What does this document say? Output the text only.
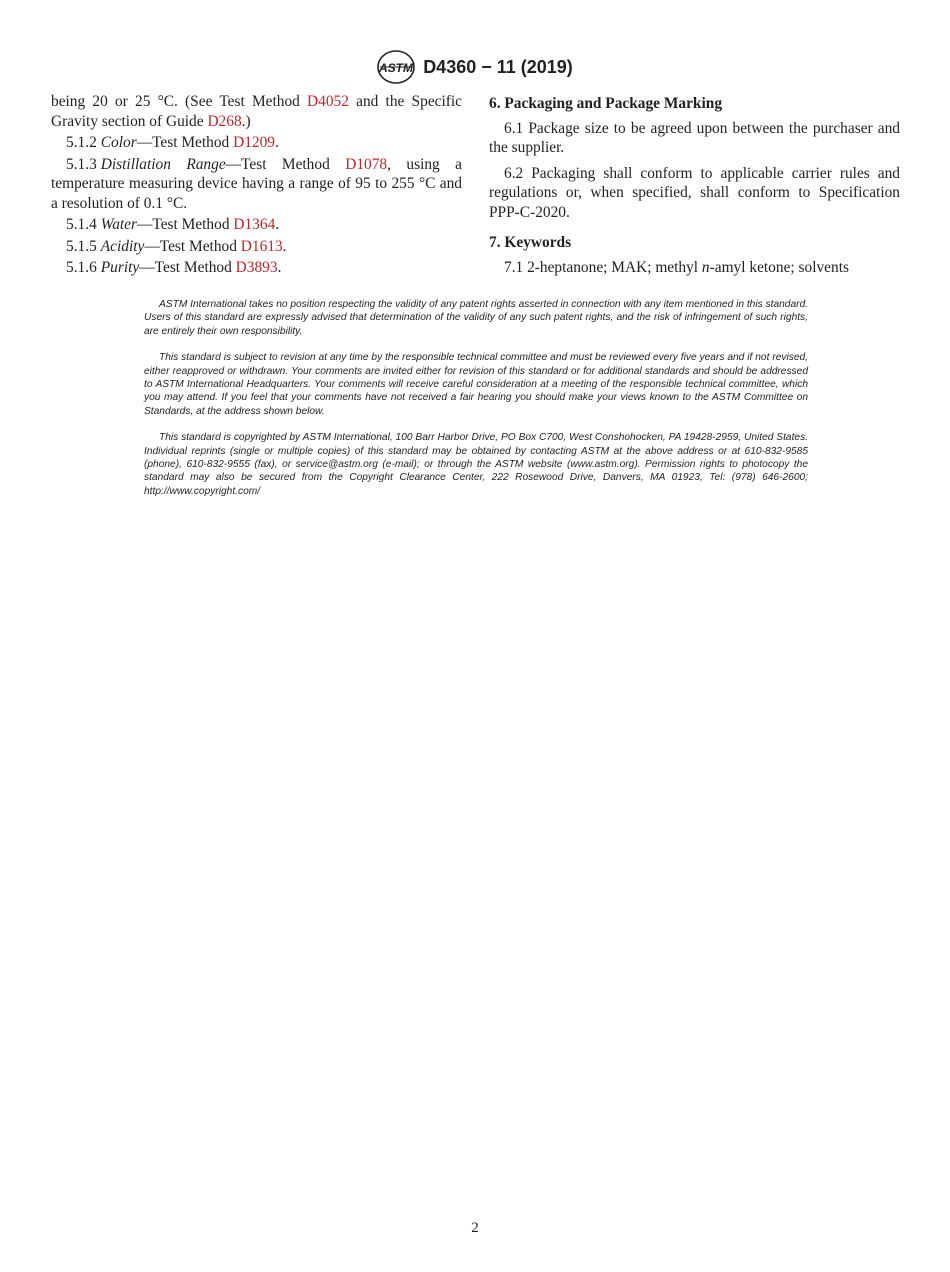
ASTM D4360 − 11 (2019)

being 20 or 25 °C. (See Test Method D4052 and the Specific Gravity section of Guide D268.)

5.1.2 Color—Test Method D1209.

5.1.3 Distillation Range—Test Method D1078, using a temperature measuring device having a range of 95 to 255 °C and a resolution of 0.1 °C.

5.1.4 Water—Test Method D1364.

5.1.5 Acidity—Test Method D1613.

5.1.6 Purity—Test Method D3893.

6. Packaging and Package Marking

6.1 Package size to be agreed upon between the purchaser and the supplier.

6.2 Packaging shall conform to applicable carrier rules and regulations or, when specified, shall conform to Specification PPP-C-2020.

7. Keywords

7.1 2-heptanone; MAK; methyl n-amyl ketone; solvents

ASTM International takes no position respecting the validity of any patent rights asserted in connection with any item mentioned in this standard. Users of this standard are expressly advised that determination of the validity of any such patent rights, and the risk of infringement of such rights, are entirely their own responsibility.

This standard is subject to revision at any time by the responsible technical committee and must be reviewed every five years and if not revised, either reapproved or withdrawn. Your comments are invited either for revision of this standard or for additional standards and should be addressed to ASTM International Headquarters. Your comments will receive careful consideration at a meeting of the responsible technical committee, which you may attend. If you feel that your comments have not received a fair hearing you should make your views known to the ASTM Committee on Standards, at the address shown below.

This standard is copyrighted by ASTM International, 100 Barr Harbor Drive, PO Box C700, West Conshohocken, PA 19428-2959, United States. Individual reprints (single or multiple copies) of this standard may be obtained by contacting ASTM at the above address or at 610-832-9585 (phone), 610-832-9555 (fax), or service@astm.org (e-mail); or through the ASTM website (www.astm.org). Permission rights to photocopy the standard may also be secured from the Copyright Clearance Center, 222 Rosewood Drive, Danvers, MA 01923, Tel: (978) 646-2600; http://www.copyright.com/

2
